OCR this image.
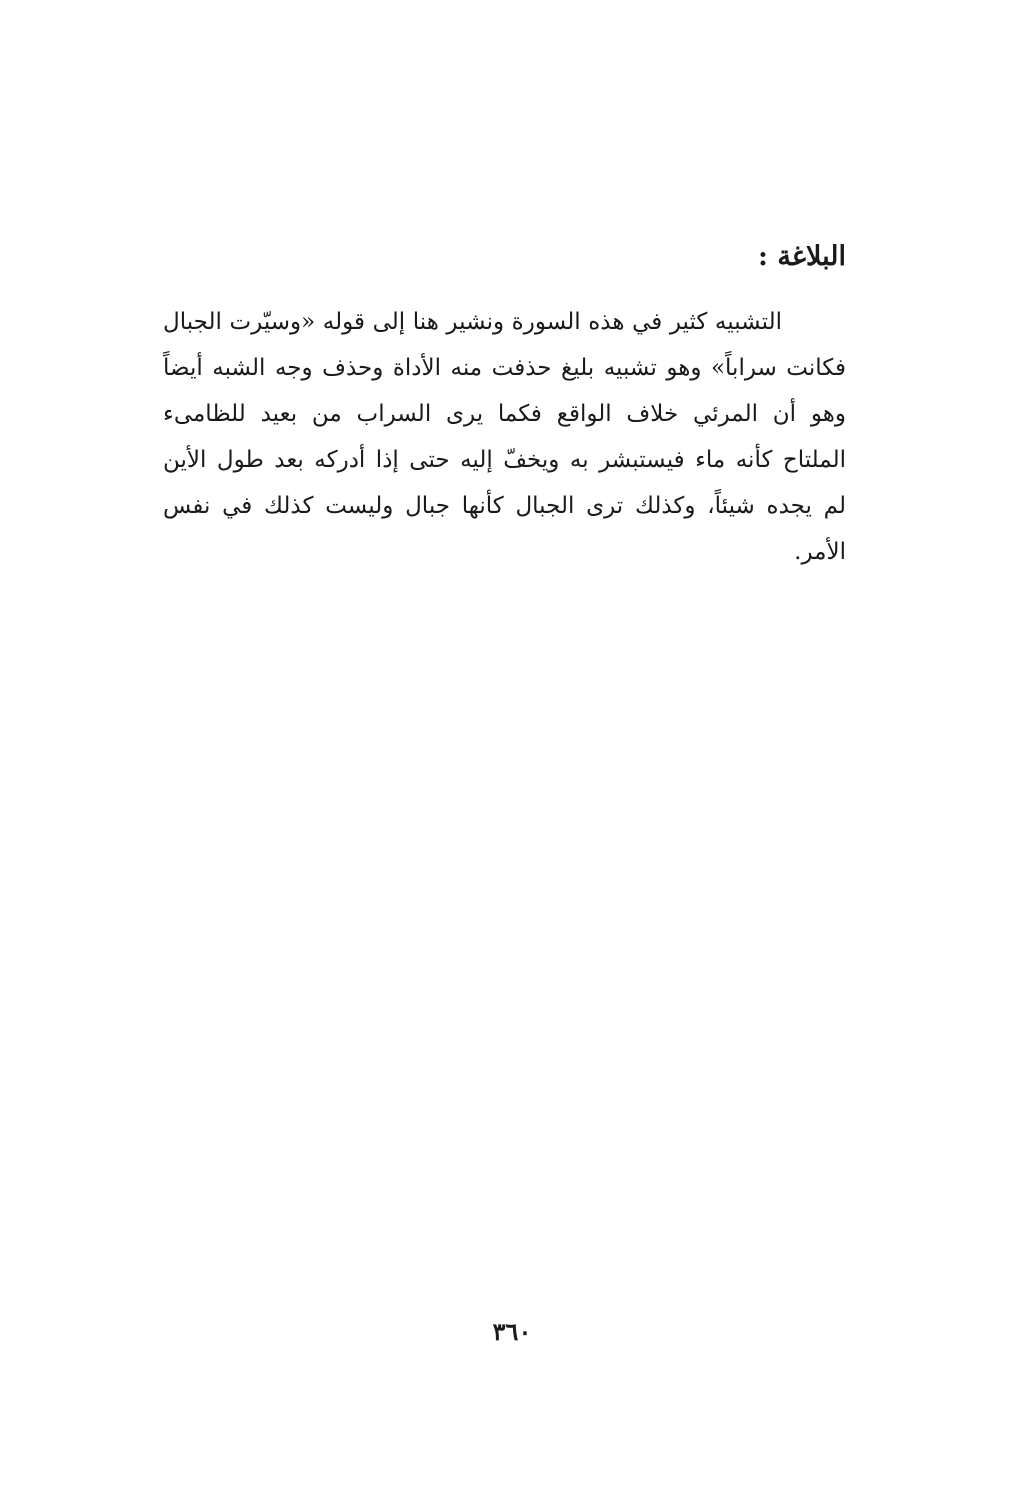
البلاغة :
التشبيه كثير في هذه السورة ونشير هنا إلى قوله «وسيّرت الجبال
فكانت سراباً» وهو تشبيه بليغ حذفت منه الأداة وحذف وجه الشبه أيضاً
وهو أن المرئي خلاف الواقع فكما يرى السراب من بعيد للظامىء
الملتاح كأنه ماء فيستبشر به ويخفّ إليه حتى إذا أدركه بعد طول الأين
لم يجده شيئاً، وكذلك ترى الجبال كأنها جبال وليست كذلك في نفس
الأمر.
٣٦٠
